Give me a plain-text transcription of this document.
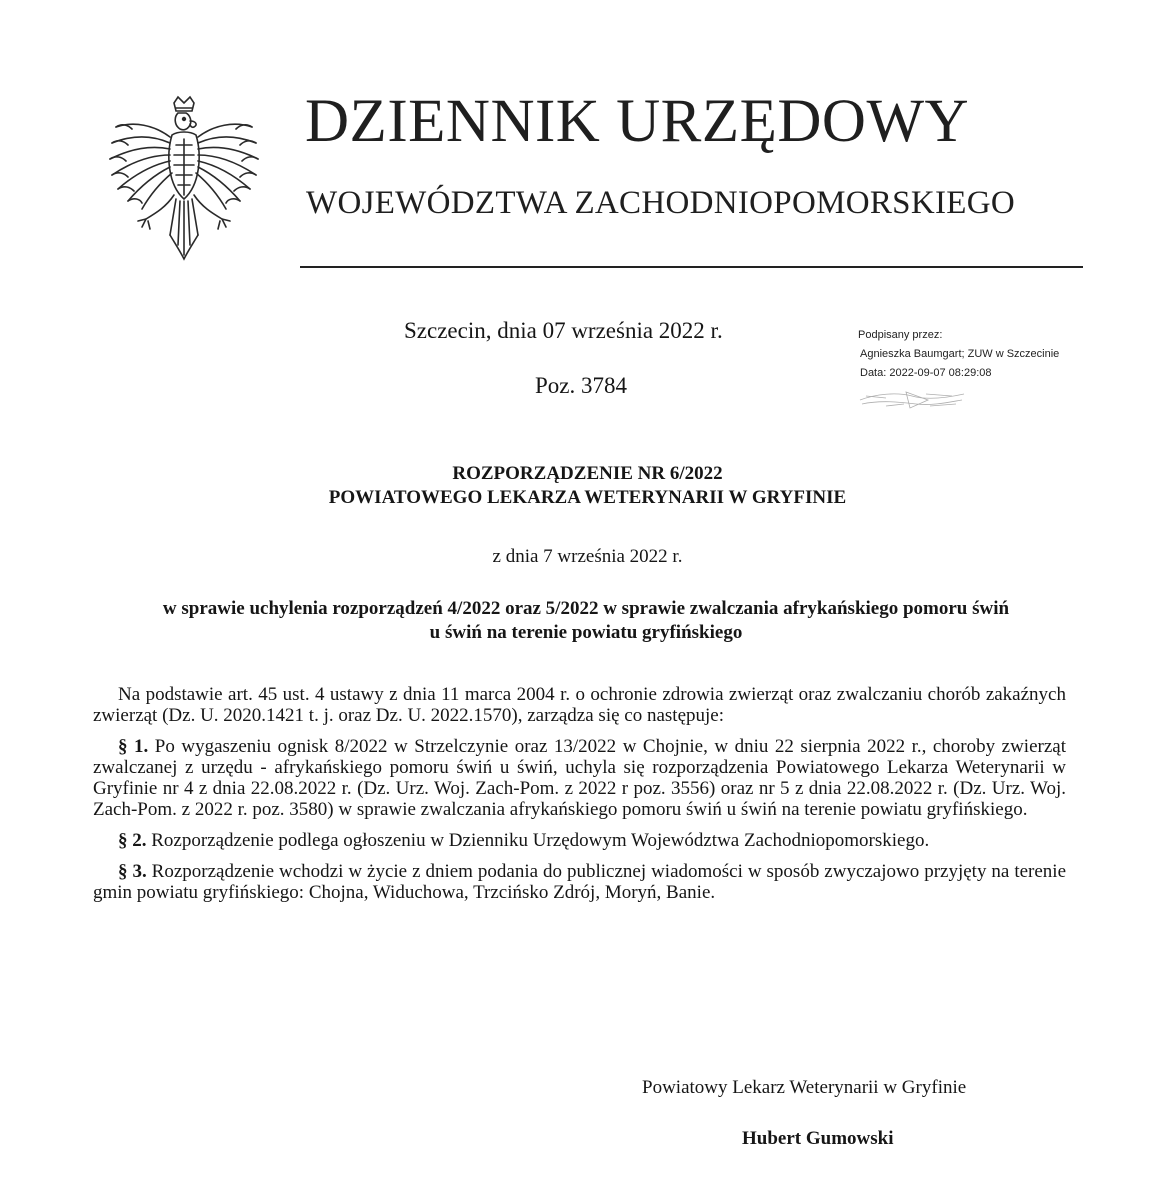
DZIENNIK URZĘDOWY
WOJEWÓDZTWA ZACHODNIOPOMORSKIEGO
Szczecin, dnia 07 września 2022 r.
Poz. 3784
Podpisany przez:
Agnieszka Baumgart; ZUW w Szczecinie
Data: 2022-09-07 08:29:08
ROZPORZĄDZENIE NR 6/2022
POWIATOWEGO LEKARZA WETERYNARII W GRYFINIE
z dnia 7 września 2022 r.
w sprawie uchylenia rozporządzeń 4/2022 oraz 5/2022 w sprawie zwalczania afrykańskiego pomoru świń
u świń na terenie powiatu gryfińskiego

Na podstawie art. 45 ust. 4 ustawy z dnia 11 marca 2004 r. o ochronie zdrowia zwierząt oraz zwalczaniu chorób zakaźnych zwierząt (Dz. U. 2020.1421 t. j. oraz Dz. U. 2022.1570), zarządza się co następuje:

§ 1. Po wygaszeniu ognisk 8/2022 w Strzelczynie oraz 13/2022 w Chojnie, w dniu 22 sierpnia 2022 r., choroby zwierząt zwalczanej z urzędu - afrykańskiego pomoru świń u świń, uchyla się rozporządzenia Powiatowego Lekarza Weterynarii w Gryfinie nr 4 z dnia 22.08.2022 r. (Dz. Urz. Woj. Zach-Pom. z 2022 r poz. 3556) oraz nr 5 z dnia 22.08.2022 r. (Dz. Urz. Woj. Zach-Pom. z 2022 r. poz. 3580) w sprawie zwalczania afrykańskiego pomoru świń u świń na terenie powiatu gryfińskiego.

§ 2. Rozporządzenie podlega ogłoszeniu w Dzienniku Urzędowym Województwa Zachodniopomorskiego.

§ 3. Rozporządzenie wchodzi w życie z dniem podania do publicznej wiadomości w sposób zwyczajowo przyjęty na terenie gmin powiatu gryfińskiego: Chojna, Widuchowa, Trzcińsko Zdrój, Moryń, Banie.

Powiatowy Lekarz Weterynarii w Gryfinie
Hubert Gumowski
